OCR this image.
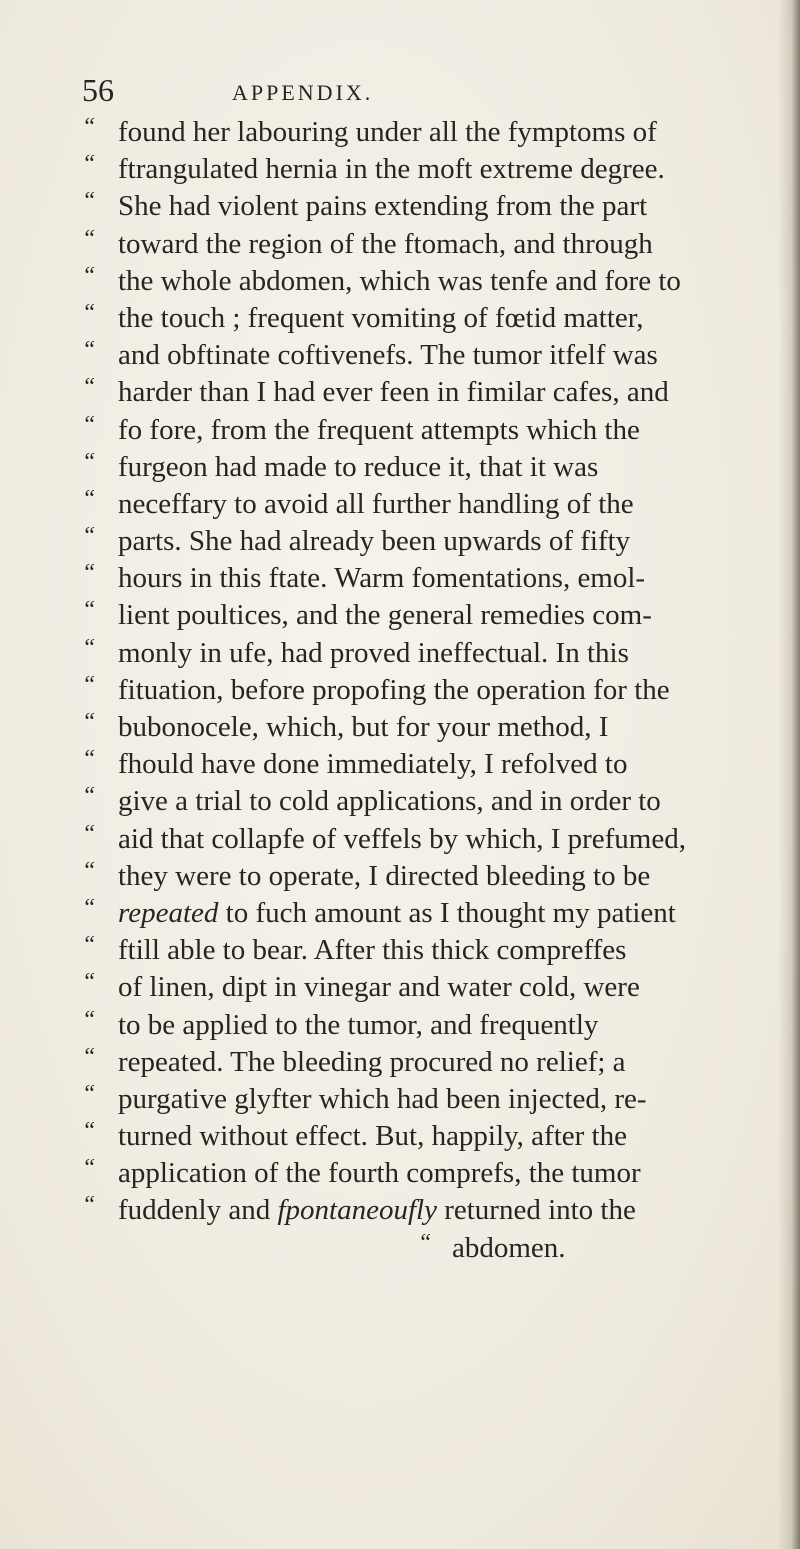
56	APPENDIX.
“ found her labouring under all the fymptoms of
“ ftrangulated hernia in the moft extreme degree.
“ She had violent pains extending from the part
“ toward the region of the ftomach, and through
“ the whole abdomen, which was tenfe and fore to
“ the touch ; frequent vomiting of fœtid matter,
“ and obftinate coftivenefs. The tumor itfelf was
“ harder than I had ever feen in fimilar cafes, and
“ fo fore, from the frequent attempts which the
“ furgeon had made to reduce it, that it was
“ neceffary to avoid all further handling of the
“ parts. She had already been upwards of fifty
“ hours in this ftate. Warm fomentations, emol-
“ lient poultices, and the general remedies com-
“ monly in ufe, had proved ineffectual. In this
“ fituation, before propofing the operation for the
“ bubonocele, which, but for your method, I
“ fhould have done immediately, I refolved to
“ give a trial to cold applications, and in order to
“ aid that collapfe of veffels by which, I prefumed,
“ they were to operate, I directed bleeding to be
“ repeated to fuch amount as I thought my patient
“ ftill able to bear. After this thick compreffes
“ of linen, dipt in vinegar and water cold, were
“ to be applied to the tumor, and frequently
“ repeated. The bleeding procured no relief; a
“ purgative glyfter which had been injected, re-
“ turned without effect. But, happily, after the
“ application of the fourth comprefs, the tumor
“ fuddenly and fpontaneoufly returned into the
“ abdomen.
